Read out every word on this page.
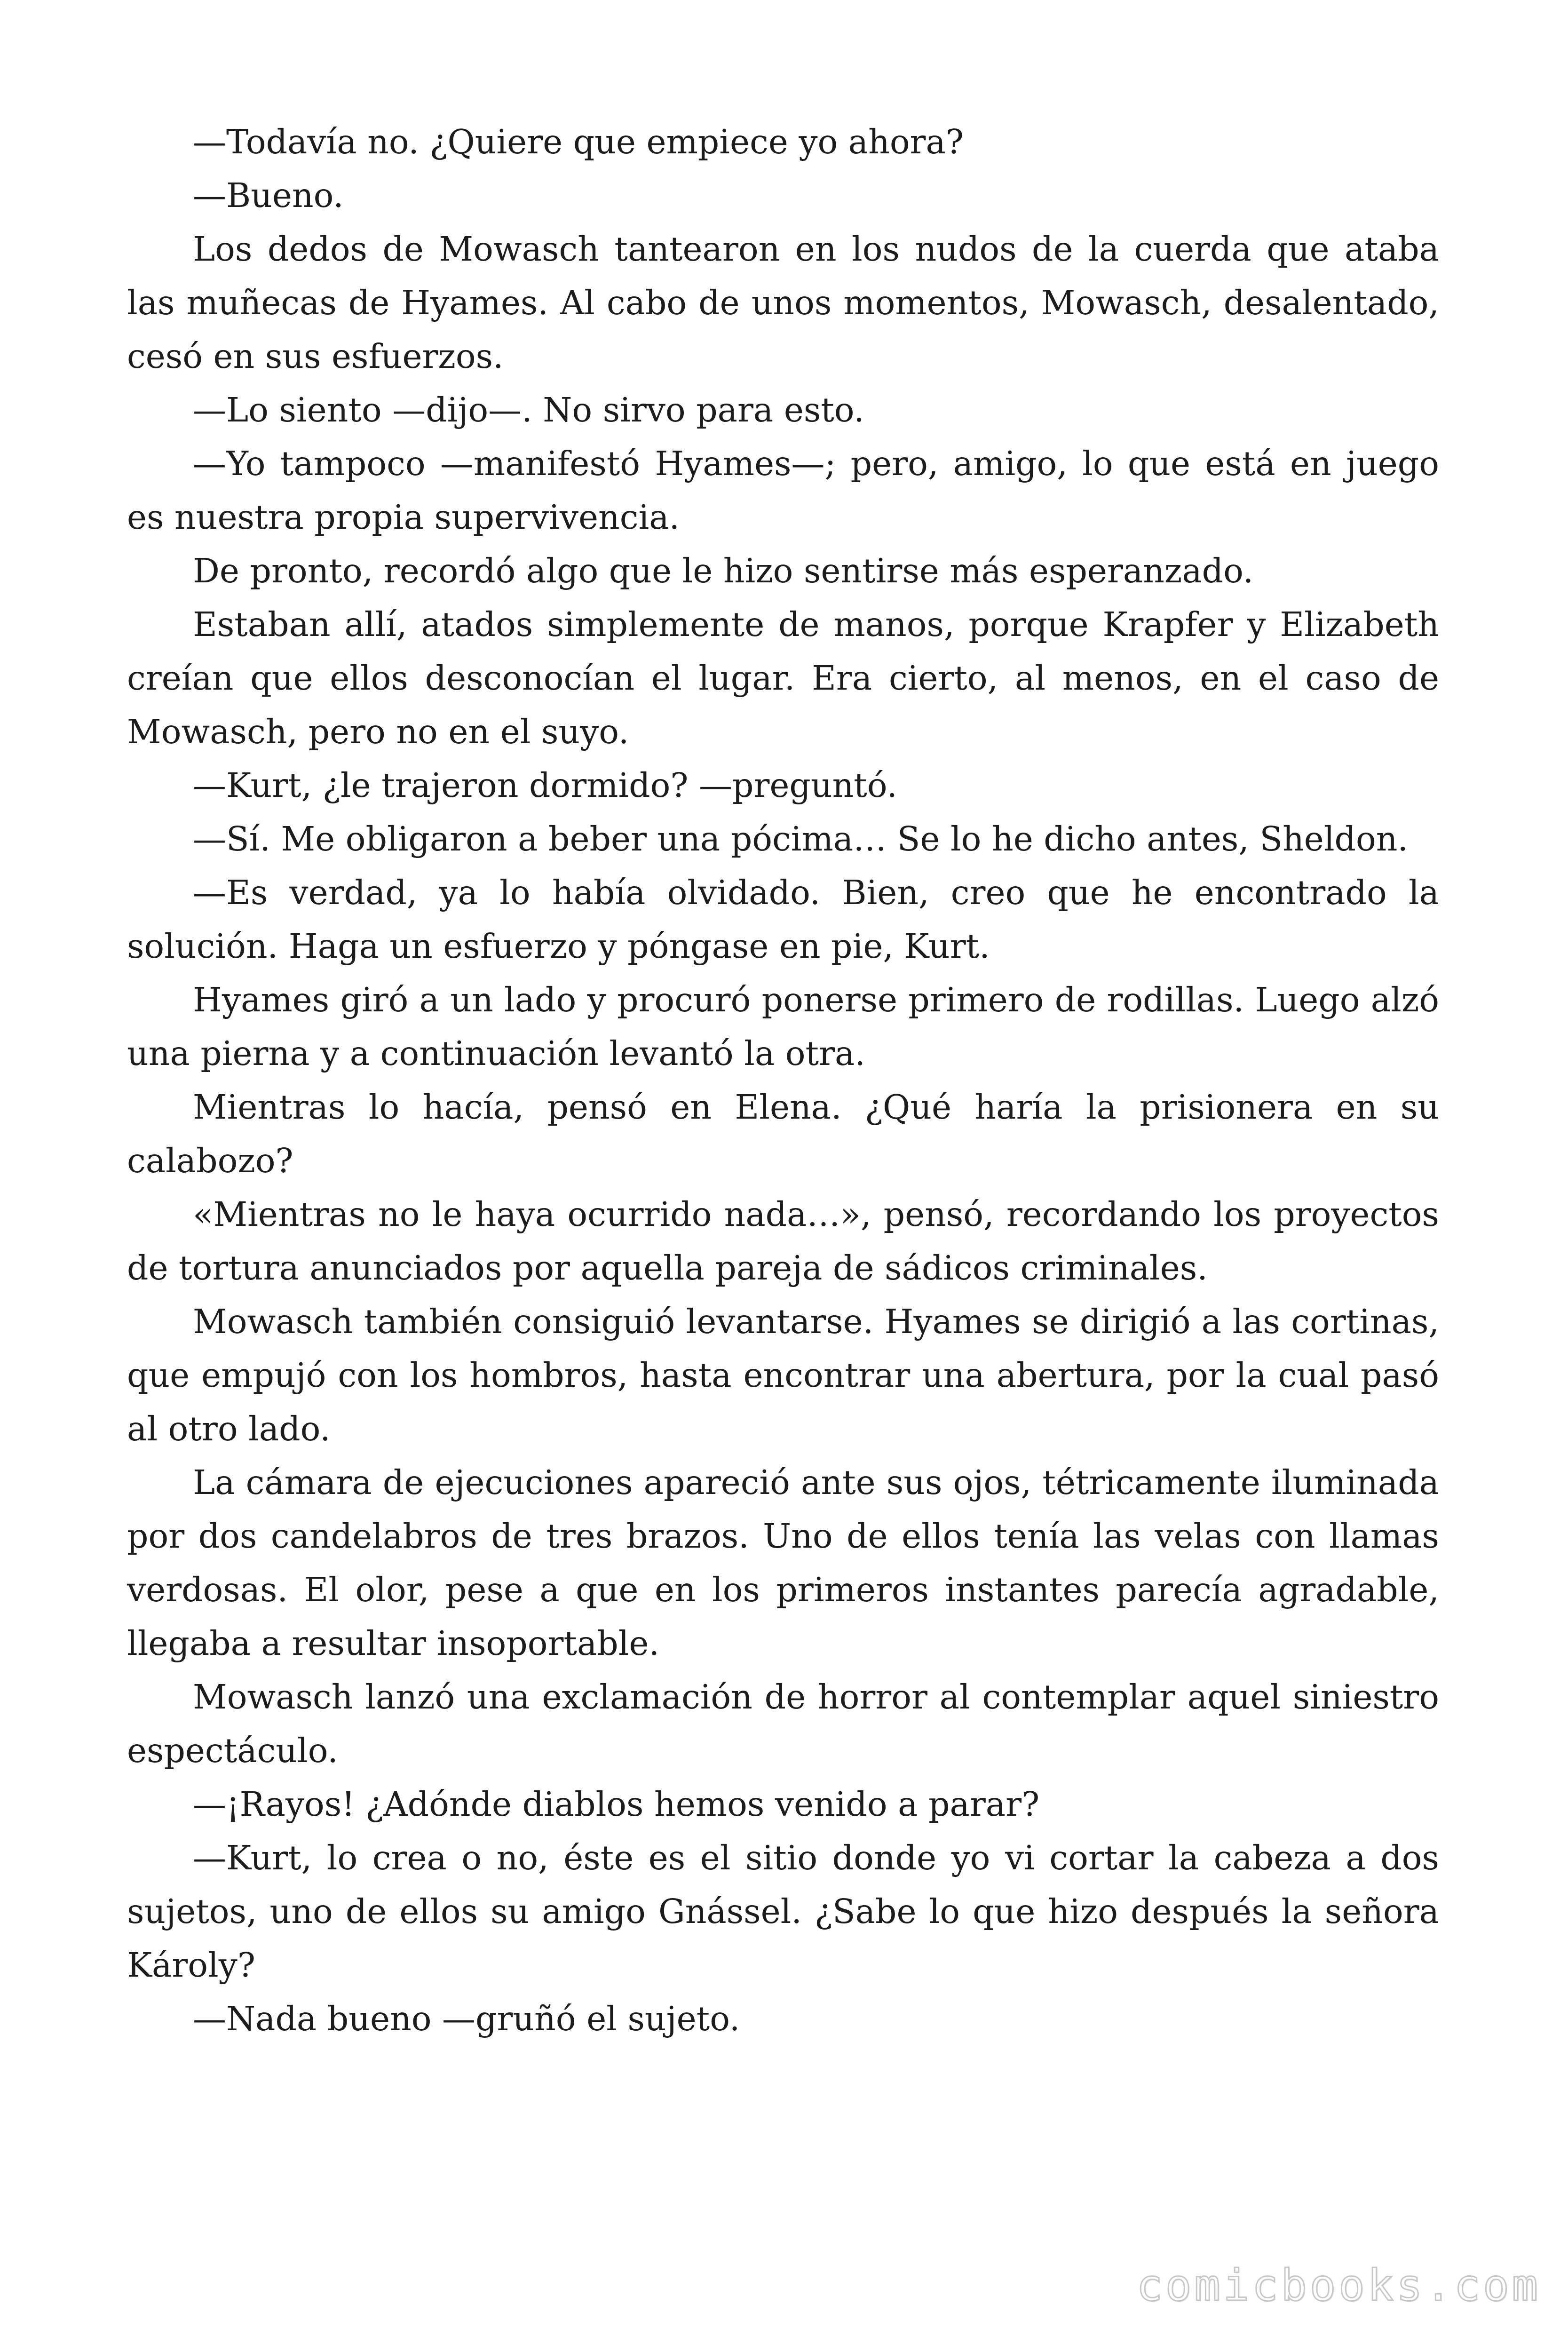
—Todavía no. ¿Quiere que empiece yo ahora?

—Bueno.

Los dedos de Mowasch tantearon en los nudos de la cuerda que ataba las muñecas de Hyames. Al cabo de unos momentos, Mowasch, desalentado, cesó en sus esfuerzos.

—Lo siento —dijo—. No sirvo para esto.

—Yo tampoco —manifestó Hyames—; pero, amigo, lo que está en juego es nuestra propia supervivencia.

De pronto, recordó algo que le hizo sentirse más esperanzado.

Estaban allí, atados simplemente de manos, porque Krapfer y Elizabeth creían que ellos desconocían el lugar. Era cierto, al menos, en el caso de Mowasch, pero no en el suyo.

—Kurt, ¿le trajeron dormido? —preguntó.

—Sí. Me obligaron a beber una pócima… Se lo he dicho antes, Sheldon.

—Es verdad, ya lo había olvidado. Bien, creo que he encontrado la solución. Haga un esfuerzo y póngase en pie, Kurt.

Hyames giró a un lado y procuró ponerse primero de rodillas. Luego alzó una pierna y a continuación levantó la otra.

Mientras lo hacía, pensó en Elena. ¿Qué haría la prisionera en su calabozo?

«Mientras no le haya ocurrido nada…», pensó, recordando los proyectos de tortura anunciados por aquella pareja de sádicos criminales.

Mowasch también consiguió levantarse. Hyames se dirigió a las cortinas, que empujó con los hombros, hasta encontrar una abertura, por la cual pasó al otro lado.

La cámara de ejecuciones apareció ante sus ojos, tétricamente iluminada por dos candelabros de tres brazos. Uno de ellos tenía las velas con llamas verdosas. El olor, pese a que en los primeros instantes parecía agradable, llegaba a resultar insoportable.

Mowasch lanzó una exclamación de horror al contemplar aquel siniestro espectáculo.

—¡Rayos! ¿Adónde diablos hemos venido a parar?

—Kurt, lo crea o no, éste es el sitio donde yo vi cortar la cabeza a dos sujetos, uno de ellos su amigo Gnássel. ¿Sabe lo que hizo después la señora Károly?

—Nada bueno —gruñó el sujeto.

comicbooks.com
